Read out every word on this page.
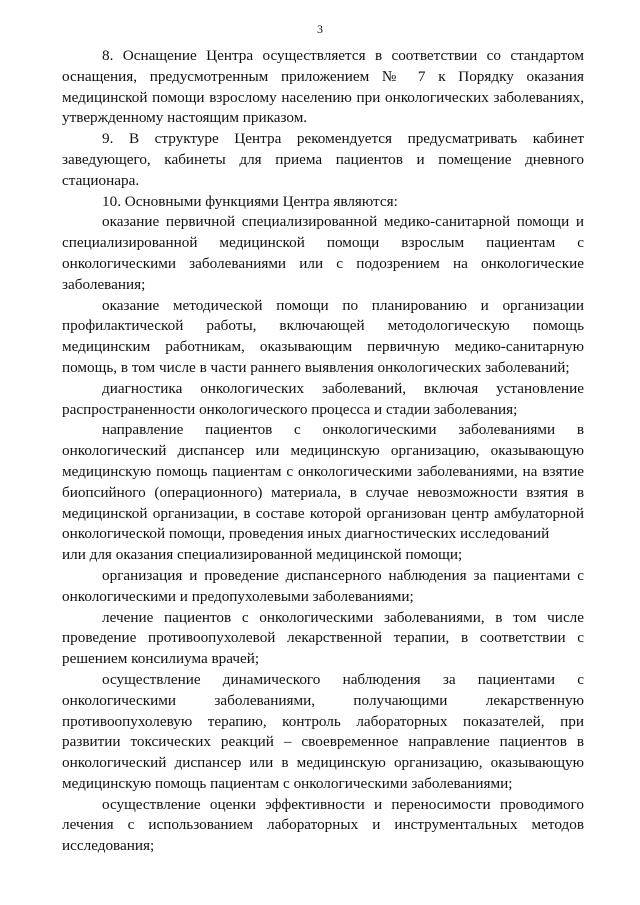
3

8. Оснащение Центра осуществляется в соответствии со стандартом оснащения, предусмотренным приложением № 7 к Порядку оказания медицинской помощи взрослому населению при онкологических заболеваниях, утвержденному настоящим приказом.

9. В структуре Центра рекомендуется предусматривать кабинет заведующего, кабинеты для приема пациентов и помещение дневного стационара.

10. Основными функциями Центра являются:

оказание первичной специализированной медико-санитарной помощи и специализированной медицинской помощи взрослым пациентам с онкологическими заболеваниями или с подозрением на онкологические заболевания;

оказание методической помощи по планированию и организации профилактической работы, включающей методологическую помощь медицинским работникам, оказывающим первичную медико-санитарную помощь, в том числе в части раннего выявления онкологических заболеваний;

диагностика онкологических заболеваний, включая установление распространенности онкологического процесса и стадии заболевания;

направление пациентов с онкологическими заболеваниями в онкологический диспансер или медицинскую организацию, оказывающую медицинскую помощь пациентам с онкологическими заболеваниями, на взятие биопсийного (операционного) материала, в случае невозможности взятия в медицинской организации, в составе которой организован центр амбулаторной онкологической помощи, проведения иных диагностических исследований

или для оказания специализированной медицинской помощи;

организация и проведение диспансерного наблюдения за пациентами с онкологическими и предопухолевыми заболеваниями;

лечение пациентов с онкологическими заболеваниями, в том числе проведение противоопухолевой лекарственной терапии, в соответствии с решением консилиума врачей;

осуществление динамического наблюдения за пациентами с онкологическими заболеваниями, получающими лекарственную противоопухолевую терапию, контроль лабораторных показателей, при развитии токсических реакций – своевременное направление пациентов в онкологический диспансер или в медицинскую организацию, оказывающую медицинскую помощь пациентам с онкологическими заболеваниями;

осуществление оценки эффективности и переносимости проводимого лечения с использованием лабораторных и инструментальных методов исследования;
